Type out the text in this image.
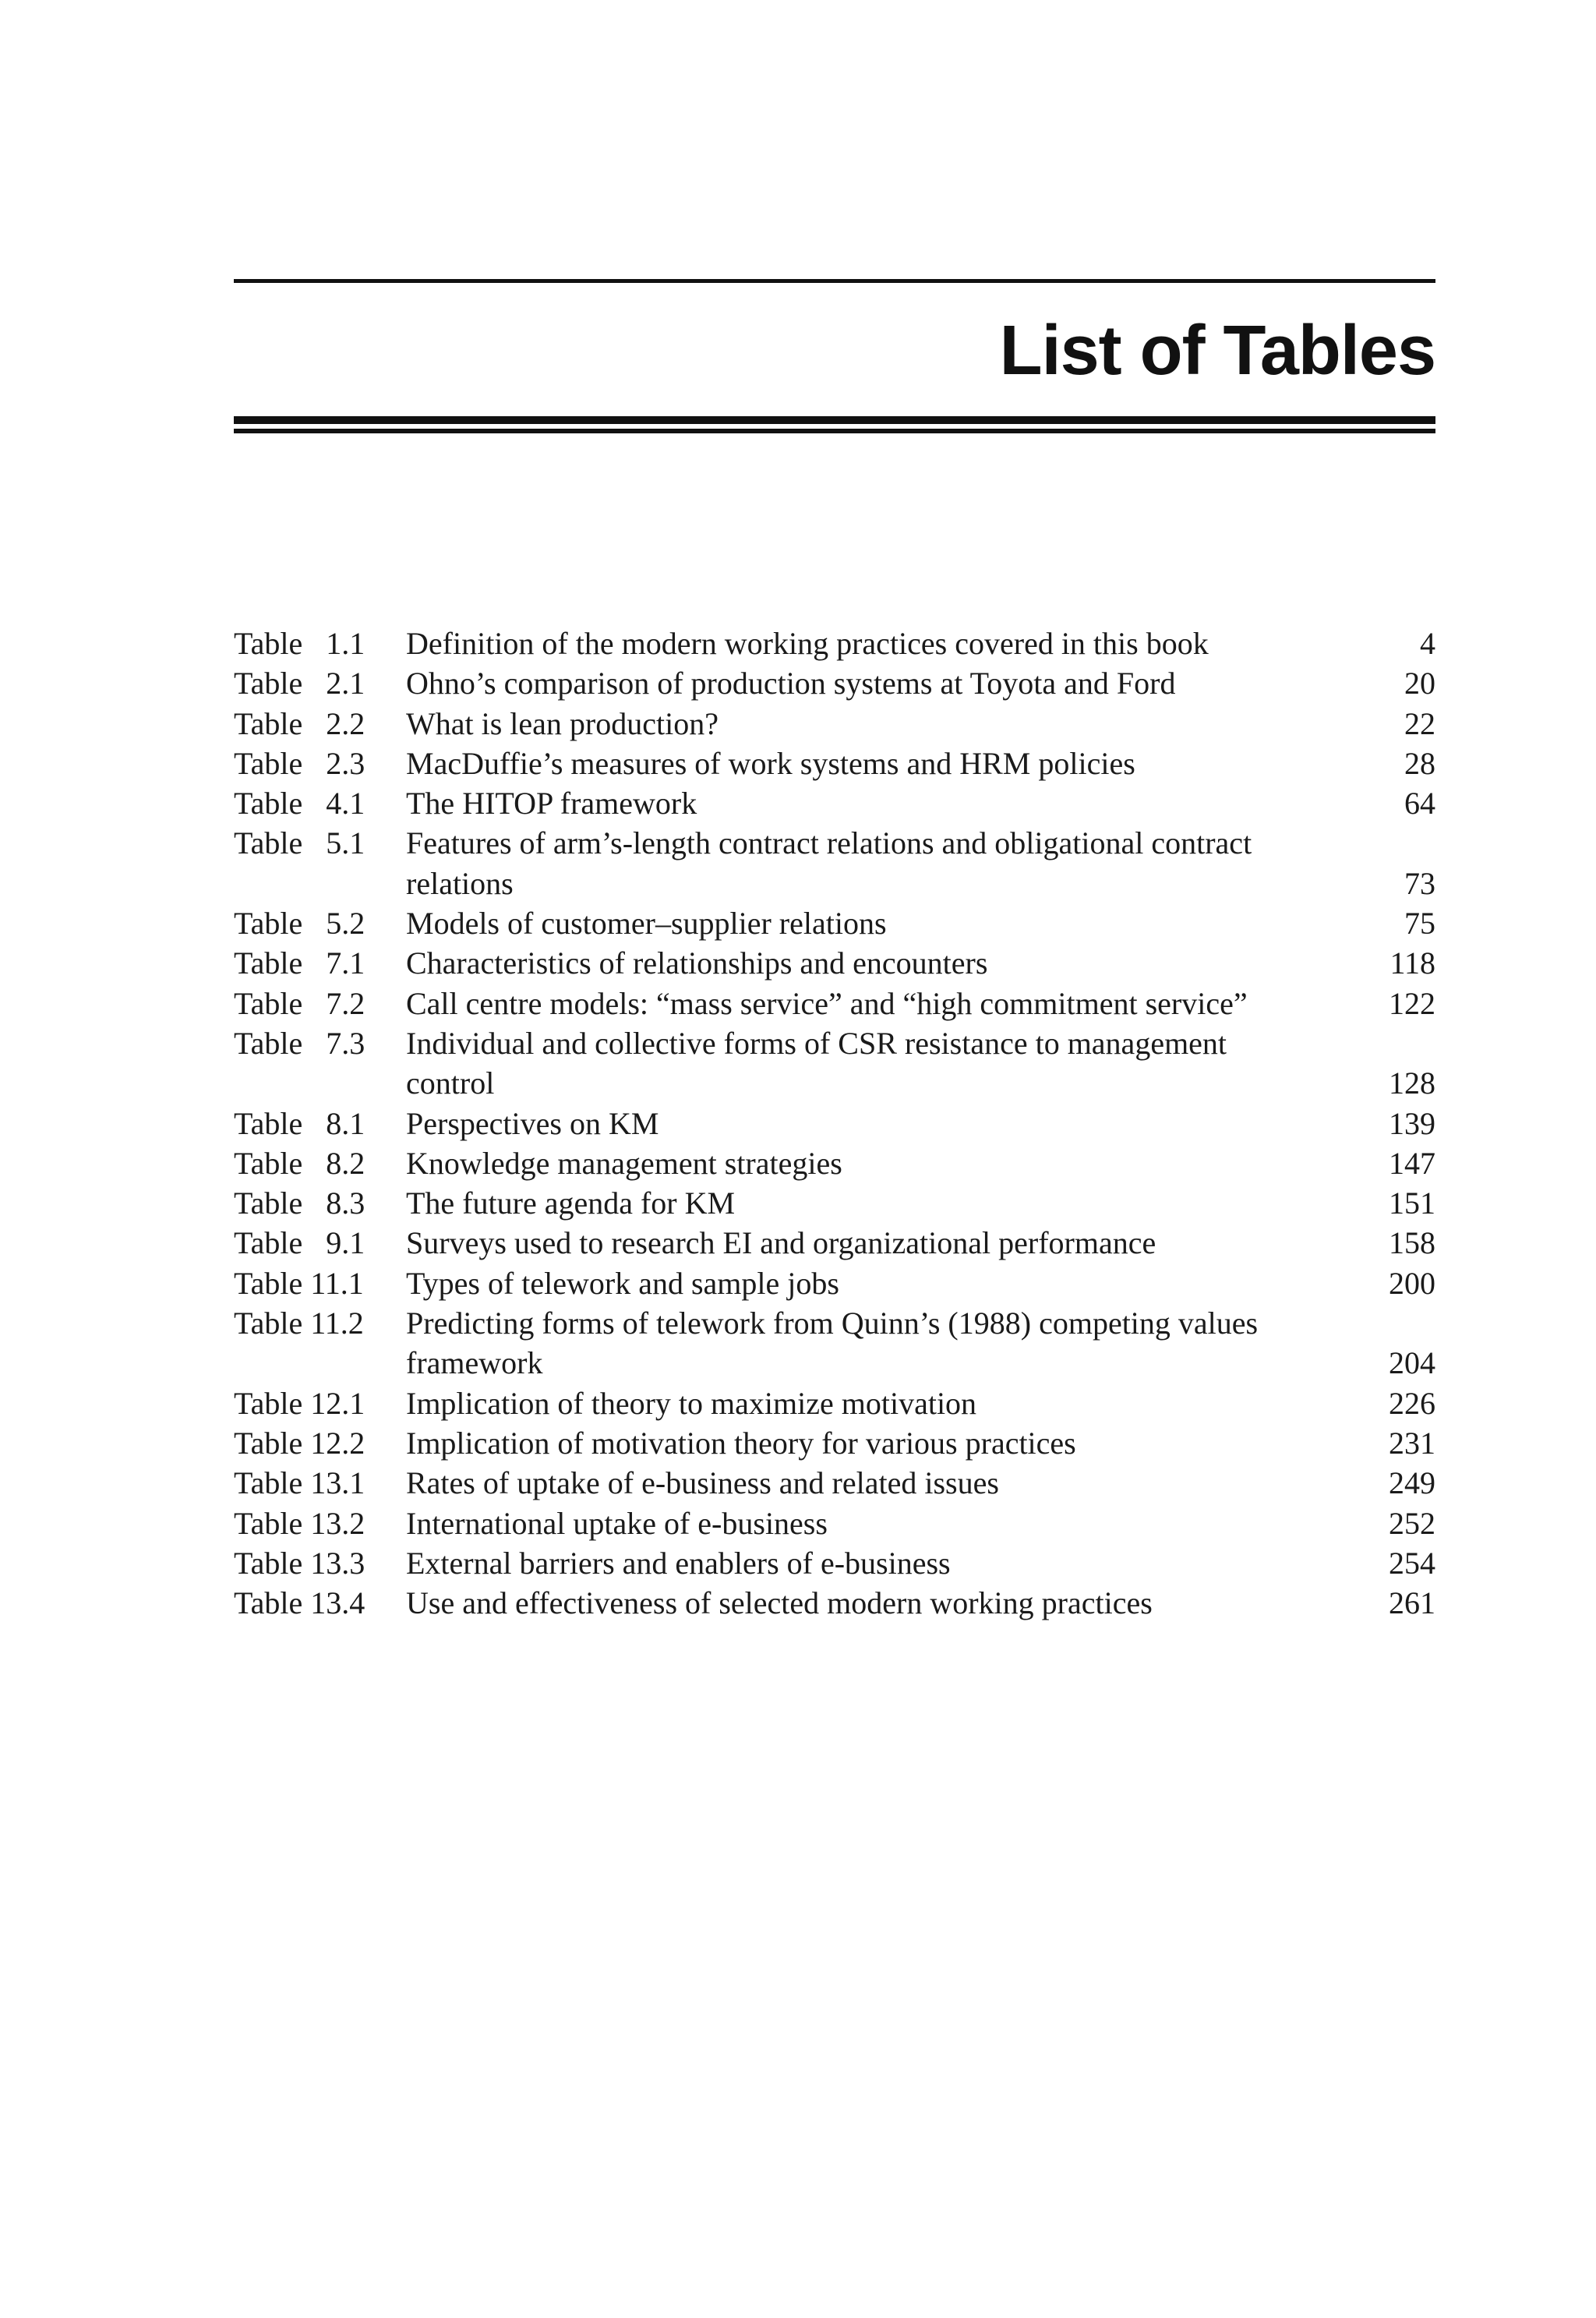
List of Tables
Table   1.1	Definition of the modern working practices covered in this book	4
Table   2.1	Ohno’s comparison of production systems at Toyota and Ford	20
Table   2.2	What is lean production?	22
Table   2.3	MacDuffie’s measures of work systems and HRM policies	28
Table   4.1	The HITOP framework	64
Table   5.1	Features of arm’s-length contract relations and obligational contract relations	73
Table   5.2	Models of customer–supplier relations	75
Table   7.1	Characteristics of relationships and encounters	118
Table   7.2	Call centre models: “mass service” and “high commitment service”	122
Table   7.3	Individual and collective forms of CSR resistance to management control	128
Table   8.1	Perspectives on KM	139
Table   8.2	Knowledge management strategies	147
Table   8.3	The future agenda for KM	151
Table   9.1	Surveys used to research EI and organizational performance	158
Table 11.1	Types of telework and sample jobs	200
Table 11.2	Predicting forms of telework from Quinn’s (1988) competing values framework	204
Table 12.1	Implication of theory to maximize motivation	226
Table 12.2	Implication of motivation theory for various practices	231
Table 13.1	Rates of uptake of e-business and related issues	249
Table 13.2	International uptake of e-business	252
Table 13.3	External barriers and enablers of e-business	254
Table 13.4	Use and effectiveness of selected modern working practices	261
